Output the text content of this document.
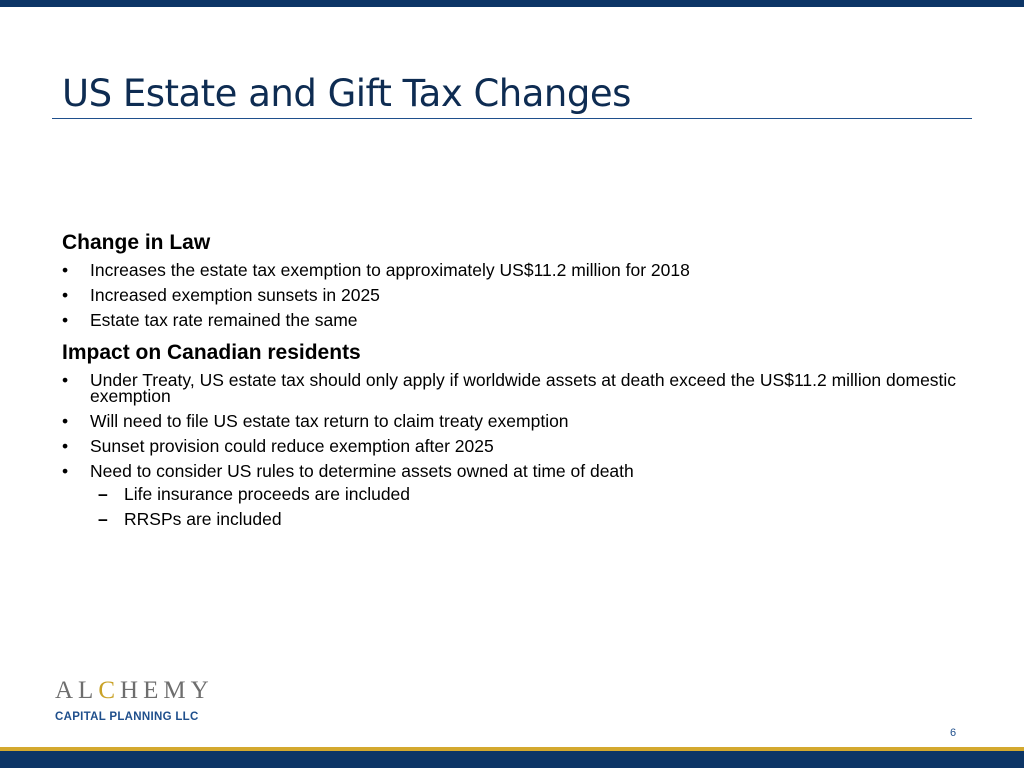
US Estate and Gift Tax Changes
Change in Law
• Increases the estate tax exemption to approximately US$11.2 million for 2018
• Increased exemption sunsets in 2025
• Estate tax rate remained the same
Impact on Canadian residents
• Under Treaty, US estate tax should only apply if worldwide assets at death exceed the US$11.2 million domestic exemption
• Will need to file US estate tax return to claim treaty exemption
• Sunset provision could reduce exemption after 2025
• Need to consider US rules to determine assets owned at time of death
– Life insurance proceeds are included
– RRSPs are included
ALCHEMY
CAPITAL PLANNING LLC
6
